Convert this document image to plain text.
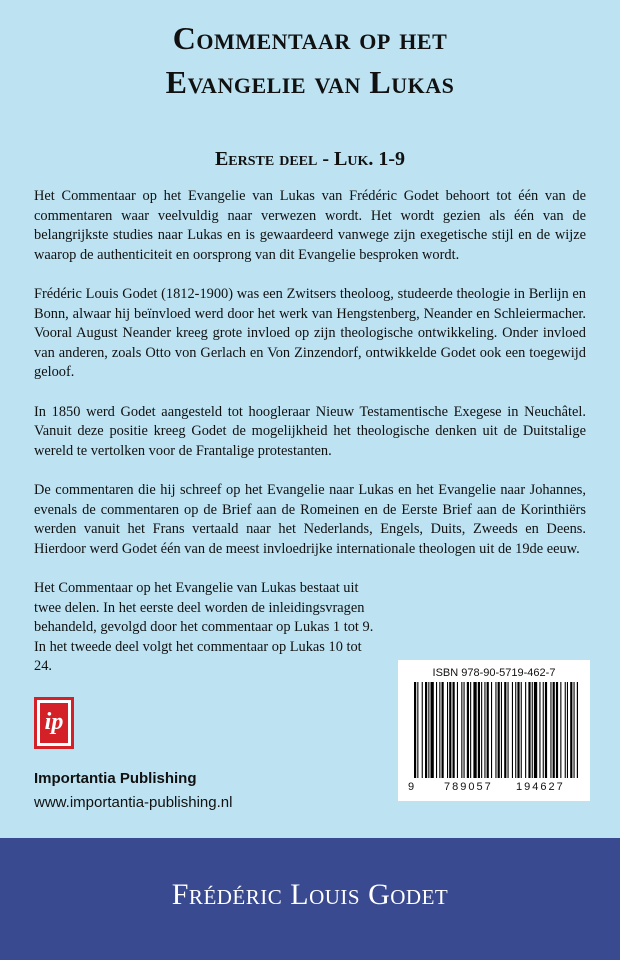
Commentaar op het
Evangelie van Lukas
Eerste deel - Luk. 1-9

Het Commentaar op het Evangelie van Lukas van Frédéric Godet behoort tot één van de commentaren waar veelvuldig naar verwezen wordt. Het wordt gezien als één van de belangrijkste studies naar Lukas en is gewaardeerd vanwege zijn exegetische stijl en de wijze waarop de authenticiteit en oorsprong van dit Evangelie besproken wordt.

Frédéric Louis Godet (1812-1900) was een Zwitsers theoloog, studeerde theologie in Berlijn en Bonn, alwaar hij beïnvloed werd door het werk van Hengstenberg, Neander en Schleiermacher. Vooral August Neander kreeg grote invloed op zijn theologische ontwikkeling. Onder invloed van anderen, zoals Otto von Gerlach en Von Zinzendorf, ontwikkelde Godet ook een toegewijd geloof.

In 1850 werd Godet aangesteld tot hoogleraar Nieuw Testamentische Exegese in Neuchâtel. Vanuit deze positie kreeg Godet de mogelijkheid het theologische denken uit de Duitstalige wereld te vertolken voor de Frantalige protestanten.

De commentaren die hij schreef op het Evangelie naar Lukas en het Evangelie naar Johannes, evenals de commentaren op de Brief aan de Romeinen en de Eerste Brief aan de Korinthiërs werden vanuit het Frans vertaald naar het Nederlands, Engels, Duits, Zweeds en Deens. Hierdoor werd Godet één van de meest invloedrijke internationale theologen uit de 19de eeuw.

Het Commentaar op het Evangelie van Lukas bestaat uit twee delen. In het eerste deel worden de inleidingsvragen behandeld, gevolgd door het commentaar op Lukas 1 tot 9. In het tweede deel volgt het commentaar op Lukas 10 tot 24.	ISBN 978-90-5719-462-7
9	789057 194627
ip
Importantia Publishing
www.importantia-publishing.nl
Frédéric Louis Godet
